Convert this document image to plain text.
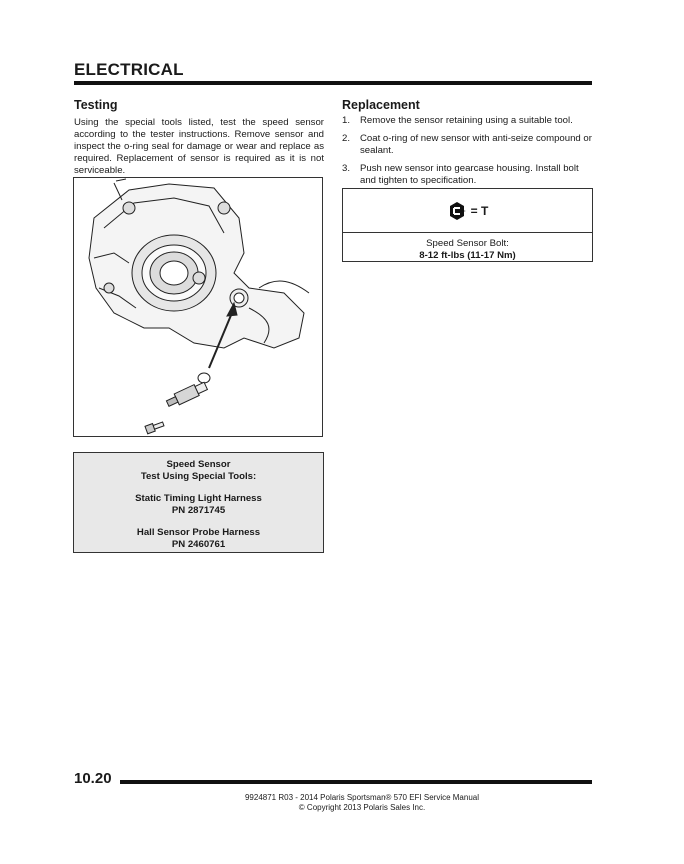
ELECTRICAL
Testing
Using the special tools listed, test the speed sensor according to the tester instructions. Remove sensor and inspect the o-ring seal for damage or wear and replace as required. Replacement of sensor is required as it is not serviceable.
Speed Sensor
Test Using Special Tools:
Static Timing Light Harness
PN 2871745
Hall Sensor Probe Harness
PN 2460761
Replacement
1.	Remove the sensor retaining using a suitable tool.
2.	Coat o-ring of new sensor with anti-seize compound or sealant.
3.	Push new sensor into gearcase housing. Install bolt and tighten to specification.
= T
Speed Sensor Bolt:
8-12 ft-lbs (11-17 Nm)
10.20
9924871 R03 - 2014 Polaris Sportsman® 570 EFI Service Manual
© Copyright 2013 Polaris Sales Inc.
